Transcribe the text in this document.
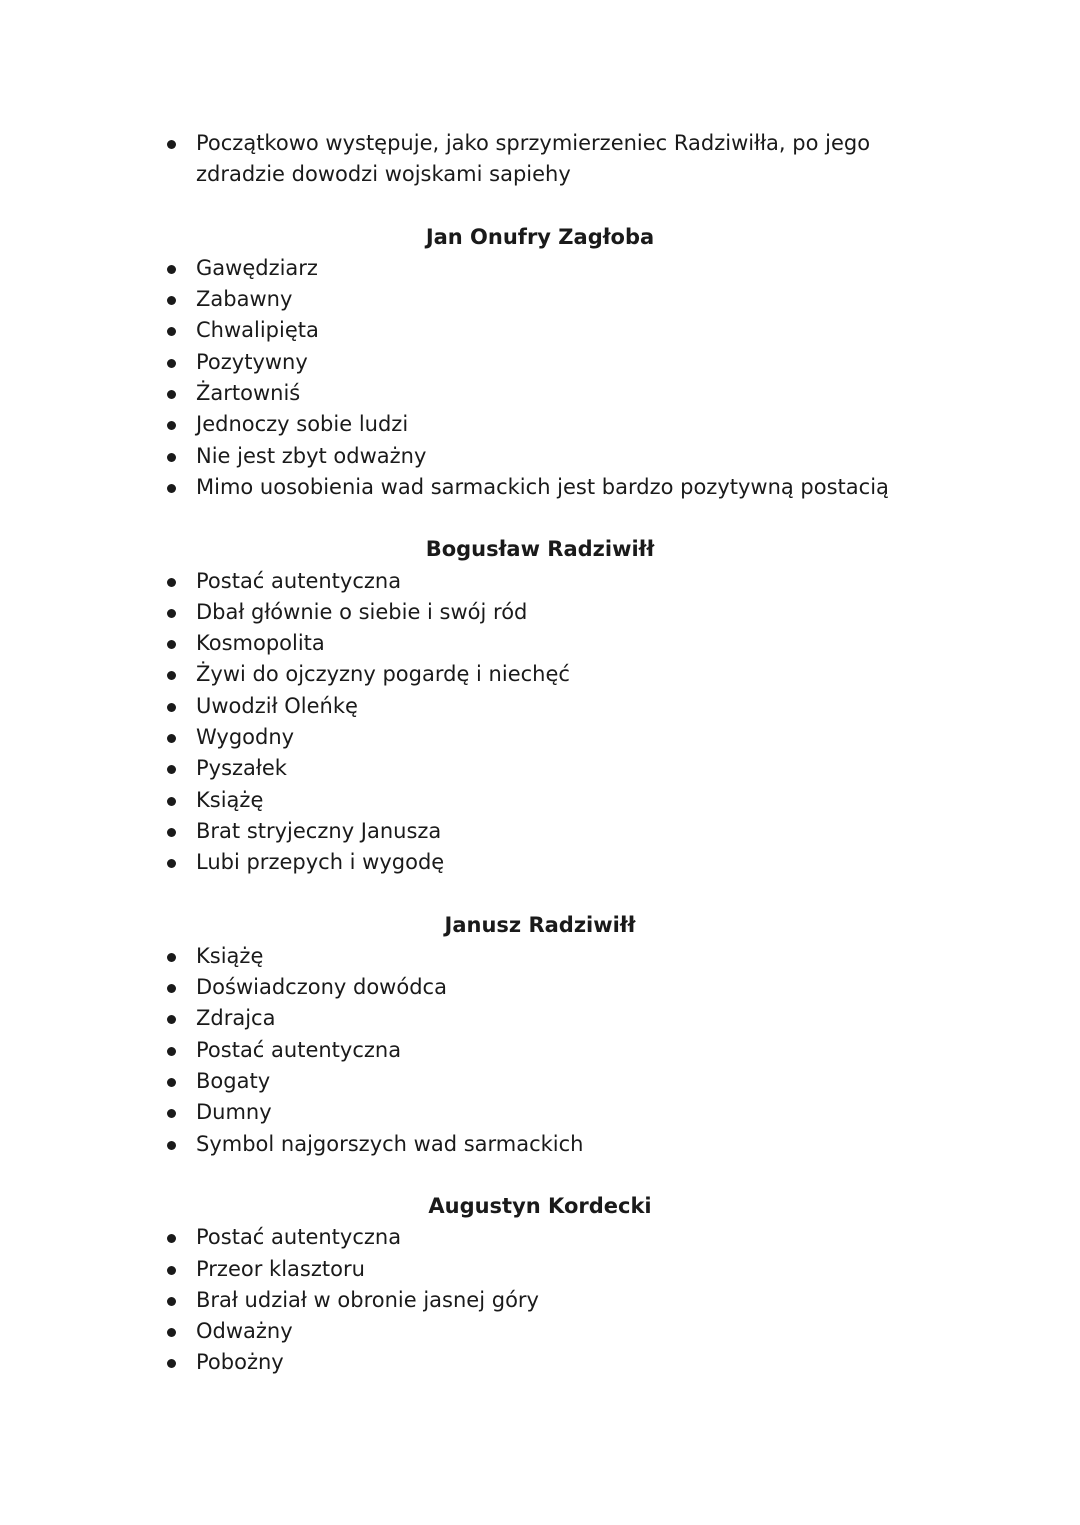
Początkowo występuje, jako sprzymierzeniec Radziwiłła, po jego zdradzie dowodzi wojskami sapiehy
Jan Onufry Zagłoba
Gawędziarz
Zabawny
Chwalipięta
Pozytywny
Żartowniś
Jednoczy sobie ludzi
Nie jest zbyt odważny
Mimo uosobienia wad sarmackich jest bardzo pozytywną postacią
Bogusław Radziwiłł
Postać autentyczna
Dbał głównie o siebie i swój ród
Kosmopolita
Żywi do ojczyzny pogardę i niechęć
Uwodził Oleńkę
Wygodny
Pyszałek
Książę
Brat stryjeczny Janusza
Lubi przepych i wygodę
Janusz Radziwiłł
Książę
Doświadczony dowódca
Zdrajca
Postać autentyczna
Bogaty
Dumny
Symbol najgorszych wad sarmackich
Augustyn Kordecki
Postać autentyczna
Przeor klasztoru
Brał udział w obronie jasnej góry
Odważny
Pobożny
